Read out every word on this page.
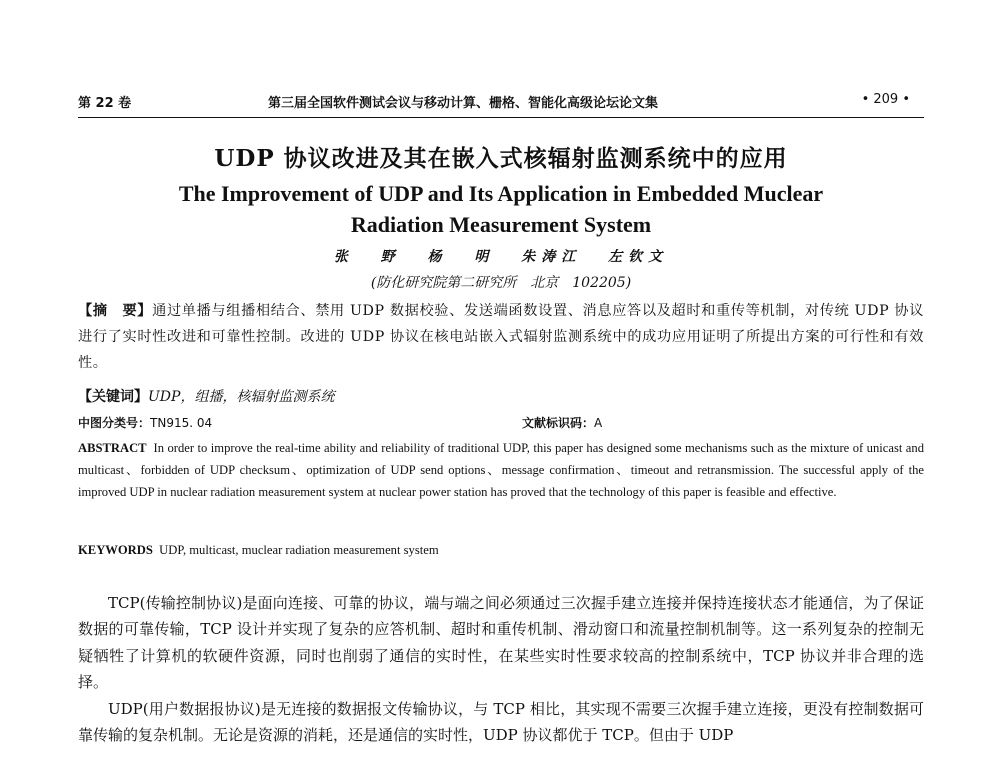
第 22 卷	第三届全国软件测试会议与移动计算、栅格、智能化高级论坛论文集	• 209 •
UDP 协议改进及其在嵌入式核辐射监测系统中的应用
The Improvement of UDP and Its Application in Embedded Muclear
Radiation Measurement System
张 野 杨 明 朱涛江 左钦文
(防化研究院第二研究所　北京　102205)
【摘　要】通过单播与组播相结合、禁用 UDP 数据校验、发送端函数设置、消息应答以及超时和重传等机制，对传统 UDP 协议进行了实时性改进和可靠性控制。改进的 UDP 协议在核电站嵌入式辐射监测系统中的成功应用证明了所提出方案的可行性和有效性。
【关键词】UDP，组播，核辐射监测系统
中图分类号：TN915. 04	文献标识码：A
ABSTRACT In order to improve the real-time ability and reliability of traditional UDP, this paper has designed some mechanisms such as the mixture of unicast and multicast、forbidden of UDP checksum、optimization of UDP send options、message confirmation、timeout and retransmission. The successful apply of the improved UDP in nuclear radiation measurement system at nuclear power station has proved that the technology of this paper is feasible and effective.
KEYWORDS UDP, multicast, muclear radiation measurement system

TCP(传输控制协议)是面向连接、可靠的协议，端与端之间必须通过三次握手建立连接并保持连接状态才能通信，为了保证数据的可靠传输，TCP 设计并实现了复杂的应答机制、超时和重传机制、滑动窗口和流量控制机制等。这一系列复杂的控制无疑牺牲了计算机的软硬件资源，同时也削弱了通信的实时性，在某些实时性要求较高的控制系统中，TCP 协议并非合理的选择。

UDP(用户数据报协议)是无连接的数据报文传输协议，与 TCP 相比，其实现不需要三次握手建立连接，更没有控制数据可靠传输的复杂机制。无论是资源的消耗，还是通信的实时性，UDP 协议都优于 TCP。但由于 UDP
